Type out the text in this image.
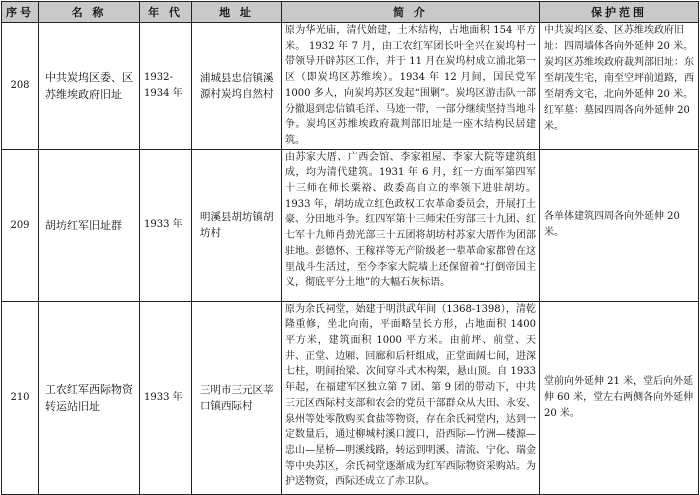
序号	名 称	年 代	地 址	简 介	保护范围
208	中共炭坞区委、区苏维埃政府旧址	1932-1934 年	浦城县忠信镇溪源村炭坞自然村	原为华光庙，清代始建，土木结构，占地面积 154 平方米。 1932 年 7 月，由工农红军团长叶全兴在炭坞村一带领导开辟苏区工作，并于 11 月在炭坞村成立浦北第一区（即炭坞区苏维埃）。1934 年 12 月间，国民党军 1000 多人，向炭坞苏区发起“围剿”。炭坞区游击队一部分撤退到忠信镇毛洋、马迹一带，一部分继续坚持当地斗争。炭坞区苏维埃政府裁判部旧址是一座木结构民居建筑。	中共炭坞区委、区苏维埃政府旧址：四周墙体各向外延伸 20 米。炭坞区苏维埃政府裁判部旧址：东至胡茂生宅，南至空坪前道路，西至胡秀文宅，北向外延伸 20 米。红军墓：墓园四周各向外延伸 20 米。
209	胡坊红军旧址群	1933 年	明溪县胡坊镇胡坊村	由苏家大厝、广西会馆、李家祖屋、李家大院等建筑组成，均为清代建筑。1931 年 6 月，红一方面军第四军十三师在师长粟裕、政委高自立的率领下进驻胡坊。1933 年，胡坊成立红色政权工农革命委员会，开展打土豪、分田地斗争。红四军第十三师宋任穷部三十九团、红七军十九师肖劲光部三十五团将胡坊村苏家大厝作为团部驻地。彭德怀、王稼祥等无产阶级老一辈革命家都曾在这里战斗生活过，至今李家大院墙上还保留着“打倒帝国主义，彻底平分土地”的大幅石灰标语。	各单体建筑四周各向外延伸 20 米。
210	工农红军西际物资转运站旧址	1933 年	三明市三元区莘口镇西际村	原为余氏祠堂，始建于明洪武年间（1368-1398），清乾隆重修，坐北向南，平面略呈长方形，占地面积 1400 平方米，建筑面积 1000 平方米。由前坪、前堂、天井、正堂、边厢、回廊和后杆组成，正堂面阔七间，进深七柱，明间抬梁、次间穿斗式木构架，悬山顶。自 1933 年起，在福建军区独立第 7 团、第 9 团的带动下，中共三元区西际村支部和农会的党员干部群众从大田、永安、泉州等处零散购买食盐等物资，存在余氏祠堂内，达到一定数量后，通过柳城村溪口渡口，沿西际—竹洲—楼源—忠山—星桥—明溪线路，转运到明溪、清流、宁化、瑞金等中央苏区，余氏祠堂逐渐成为红军西际物资采购站。为护送物资，西际还成立了赤卫队。	堂前向外延伸 21 米，堂后向外延伸 60 米，堂左右两侧各向外延伸 20 米。
